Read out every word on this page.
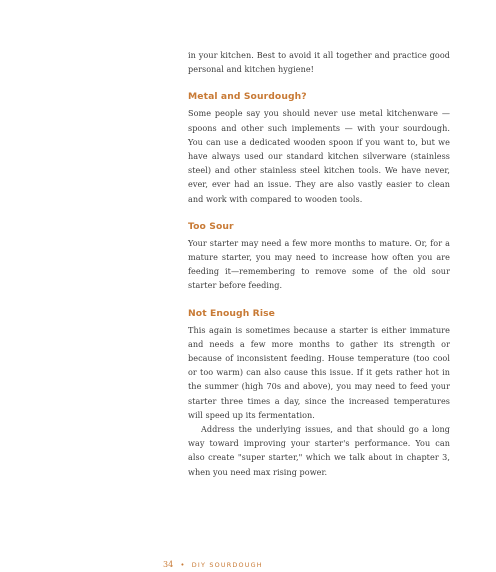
in your kitchen. Best to avoid it all together and practice good personal and kitchen hygiene!

Metal and Sourdough?

Some people say you should never use metal kitchenware — spoons and other such implements — with your sourdough. You can use a dedicated wooden spoon if you want to, but we have always used our standard kitchen silverware (stainless steel) and other stainless steel kitchen tools. We have never, ever, ever had an issue. They are also vastly easier to clean and work with compared to wooden tools.

Too Sour

Your starter may need a few more months to mature. Or, for a mature starter, you may need to increase how often you are feeding it—remembering to remove some of the old sour starter before feeding.

Not Enough Rise

This again is sometimes because a starter is either immature and needs a few more months to gather its strength or because of inconsistent feeding. House temperature (too cool or too warm) can also cause this issue. If it gets rather hot in the summer (high 70s and above), you may need to feed your starter three times a day, since the increased temperatures will speed up its fermentation.

Address the underlying issues, and that should go a long way toward improving your starter's performance. You can also create "super starter," which we talk about in chapter 3, when you need max rising power.

34 • DIY SOURDOUGH
